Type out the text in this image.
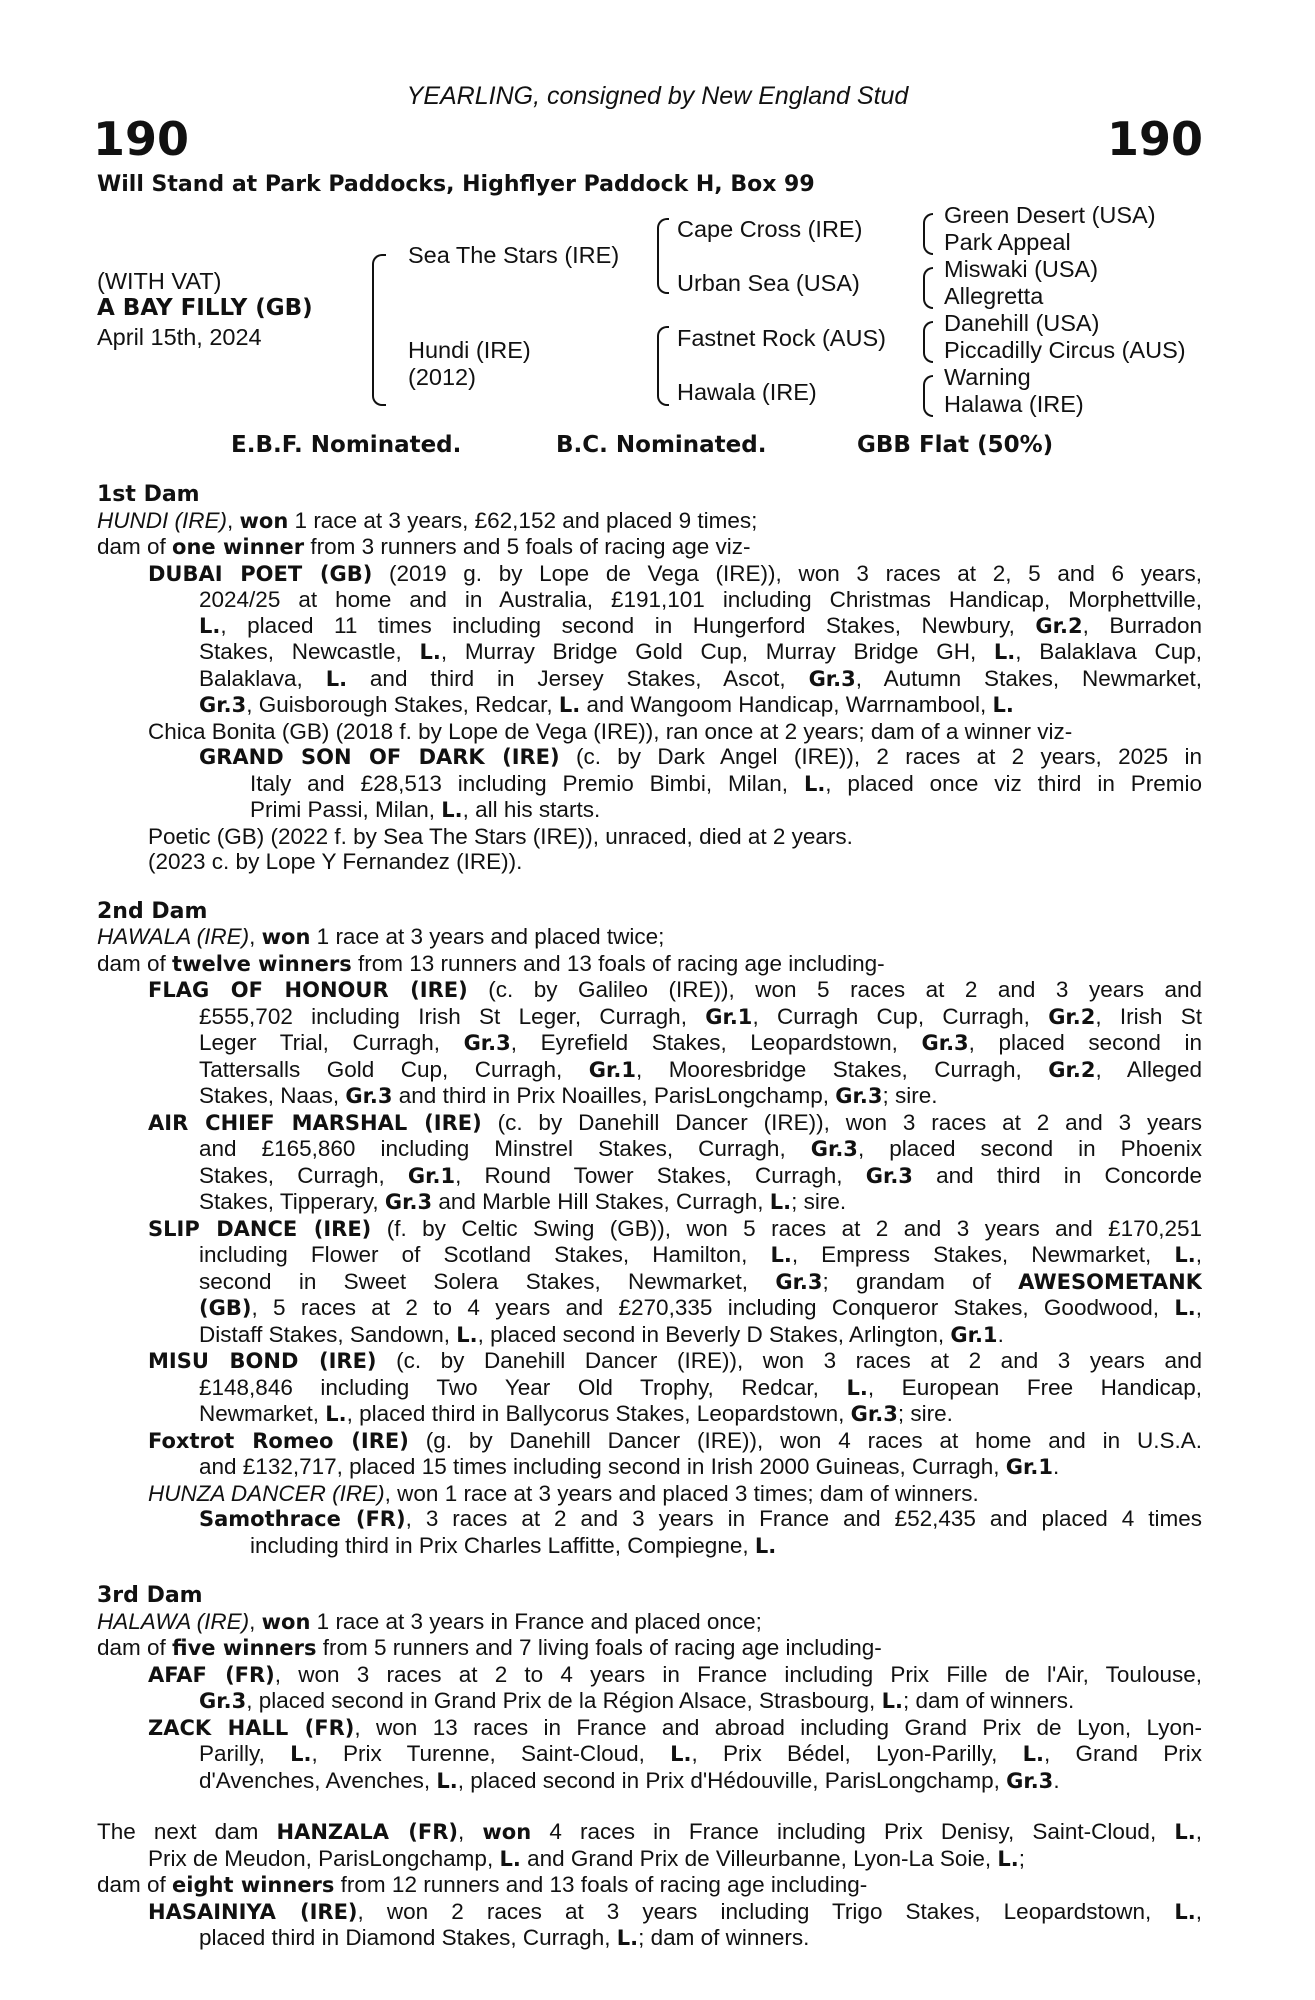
YEARLING, consigned by New England Stud
190	190
Will Stand at Park Paddocks, Highflyer Paddock H, Box 99
(WITH VAT)
A BAY FILLY (GB)
April 15th, 2024
Sea The Stars (IRE)
Hundi (IRE)
(2012)
Cape Cross (IRE)
Urban Sea (USA)
Fastnet Rock (AUS)
Hawala (IRE)
Green Desert (USA)
Park Appeal
Miswaki (USA)
Allegretta
Danehill (USA)
Piccadilly Circus (AUS)
Warning
Halawa (IRE)
E.B.F. Nominated.	B.C. Nominated.	GBB Flat (50%)
1st Dam
HUNDI (IRE), won 1 race at 3 years, £62,152 and placed 9 times;
dam of one winner from 3 runners and 5 foals of racing age viz-
DUBAI POET (GB) (2019 g. by Lope de Vega (IRE)), won 3 races at 2, 5 and 6 years,
2024/25 at home and in Australia, £191,101 including Christmas Handicap, Morphettville,
L., placed 11 times including second in Hungerford Stakes, Newbury, Gr.2, Burradon
Stakes, Newcastle, L., Murray Bridge Gold Cup, Murray Bridge GH, L., Balaklava Cup,
Balaklava, L. and third in Jersey Stakes, Ascot, Gr.3, Autumn Stakes, Newmarket,
Gr.3, Guisborough Stakes, Redcar, L. and Wangoom Handicap, Warrnambool, L.
Chica Bonita (GB) (2018 f. by Lope de Vega (IRE)), ran once at 2 years; dam of a winner viz-
GRAND SON OF DARK (IRE) (c. by Dark Angel (IRE)), 2 races at 2 years, 2025 in
Italy and £28,513 including Premio Bimbi, Milan, L., placed once viz third in Premio
Primi Passi, Milan, L., all his starts.
Poetic (GB) (2022 f. by Sea The Stars (IRE)), unraced, died at 2 years.
(2023 c. by Lope Y Fernandez (IRE)).
2nd Dam
HAWALA (IRE), won 1 race at 3 years and placed twice;
dam of twelve winners from 13 runners and 13 foals of racing age including-
FLAG OF HONOUR (IRE) (c. by Galileo (IRE)), won 5 races at 2 and 3 years and
£555,702 including Irish St Leger, Curragh, Gr.1, Curragh Cup, Curragh, Gr.2, Irish St
Leger Trial, Curragh, Gr.3, Eyrefield Stakes, Leopardstown, Gr.3, placed second in
Tattersalls Gold Cup, Curragh, Gr.1, Mooresbridge Stakes, Curragh, Gr.2, Alleged
Stakes, Naas, Gr.3 and third in Prix Noailles, ParisLongchamp, Gr.3; sire.
AIR CHIEF MARSHAL (IRE) (c. by Danehill Dancer (IRE)), won 3 races at 2 and 3 years
and £165,860 including Minstrel Stakes, Curragh, Gr.3, placed second in Phoenix
Stakes, Curragh, Gr.1, Round Tower Stakes, Curragh, Gr.3 and third in Concorde
Stakes, Tipperary, Gr.3 and Marble Hill Stakes, Curragh, L.; sire.
SLIP DANCE (IRE) (f. by Celtic Swing (GB)), won 5 races at 2 and 3 years and £170,251
including Flower of Scotland Stakes, Hamilton, L., Empress Stakes, Newmarket, L.,
second in Sweet Solera Stakes, Newmarket, Gr.3; grandam of AWESOMETANK
(GB), 5 races at 2 to 4 years and £270,335 including Conqueror Stakes, Goodwood, L.,
Distaff Stakes, Sandown, L., placed second in Beverly D Stakes, Arlington, Gr.1.
MISU BOND (IRE) (c. by Danehill Dancer (IRE)), won 3 races at 2 and 3 years and
£148,846 including Two Year Old Trophy, Redcar, L., European Free Handicap,
Newmarket, L., placed third in Ballycorus Stakes, Leopardstown, Gr.3; sire.
Foxtrot Romeo (IRE) (g. by Danehill Dancer (IRE)), won 4 races at home and in U.S.A.
and £132,717, placed 15 times including second in Irish 2000 Guineas, Curragh, Gr.1.
HUNZA DANCER (IRE), won 1 race at 3 years and placed 3 times; dam of winners.
Samothrace (FR), 3 races at 2 and 3 years in France and £52,435 and placed 4 times
including third in Prix Charles Laffitte, Compiegne, L.
3rd Dam
HALAWA (IRE), won 1 race at 3 years in France and placed once;
dam of five winners from 5 runners and 7 living foals of racing age including-
AFAF (FR), won 3 races at 2 to 4 years in France including Prix Fille de l'Air, Toulouse,
Gr.3, placed second in Grand Prix de la Région Alsace, Strasbourg, L.; dam of winners.
ZACK HALL (FR), won 13 races in France and abroad including Grand Prix de Lyon, Lyon-
Parilly, L., Prix Turenne, Saint-Cloud, L., Prix Bédel, Lyon-Parilly, L., Grand Prix
d'Avenches, Avenches, L., placed second in Prix d'Hédouville, ParisLongchamp, Gr.3.
The next dam HANZALA (FR), won 4 races in France including Prix Denisy, Saint-Cloud, L.,
Prix de Meudon, ParisLongchamp, L. and Grand Prix de Villeurbanne, Lyon-La Soie, L.;
dam of eight winners from 12 runners and 13 foals of racing age including-
HASAINIYA (IRE), won 2 races at 3 years including Trigo Stakes, Leopardstown, L.,
placed third in Diamond Stakes, Curragh, L.; dam of winners.
